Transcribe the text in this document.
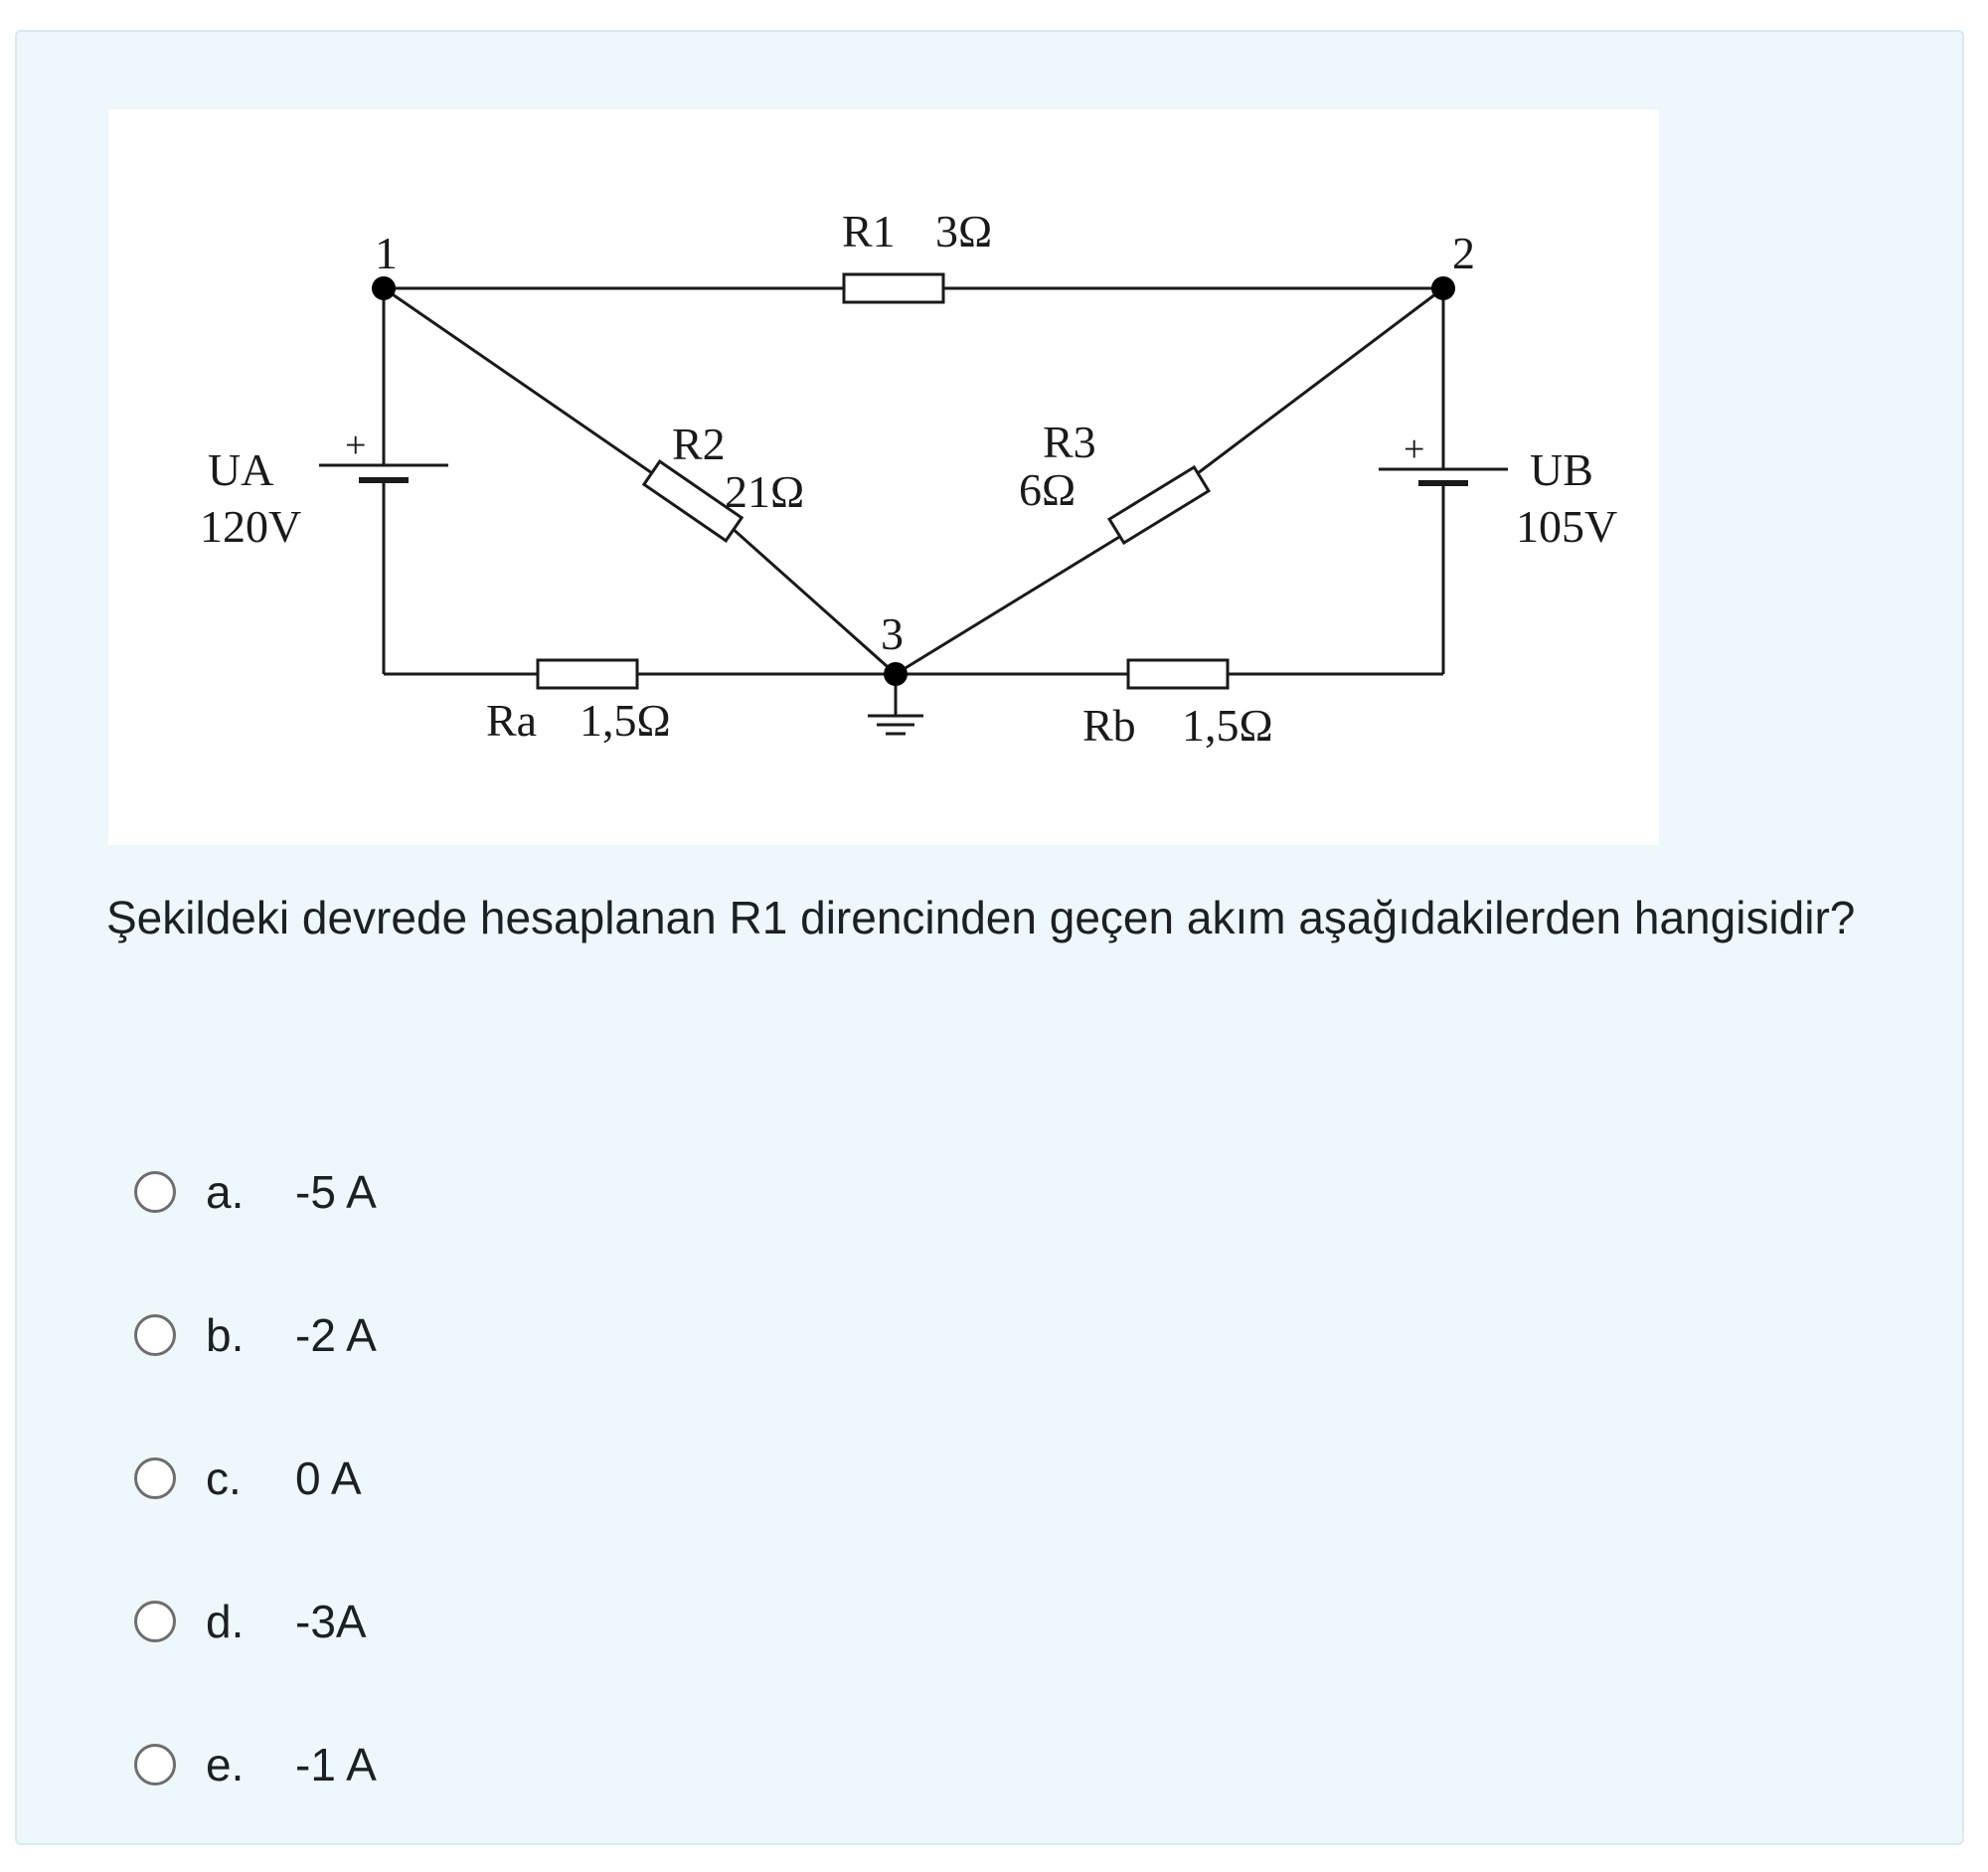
1	2
3
R1 3Ω
R2
21Ω
R3
6Ω
Ra 1,5Ω	Rb 1,5Ω
UA
120V
UB
105V
+	+

Şekildeki devrede hesaplanan R1 direncinden geçen akım aşağıdakilerden hangisidir?

a.	-5 A
b.	-2 A
c.	0 A
d.	-3A
e.	-1 A
